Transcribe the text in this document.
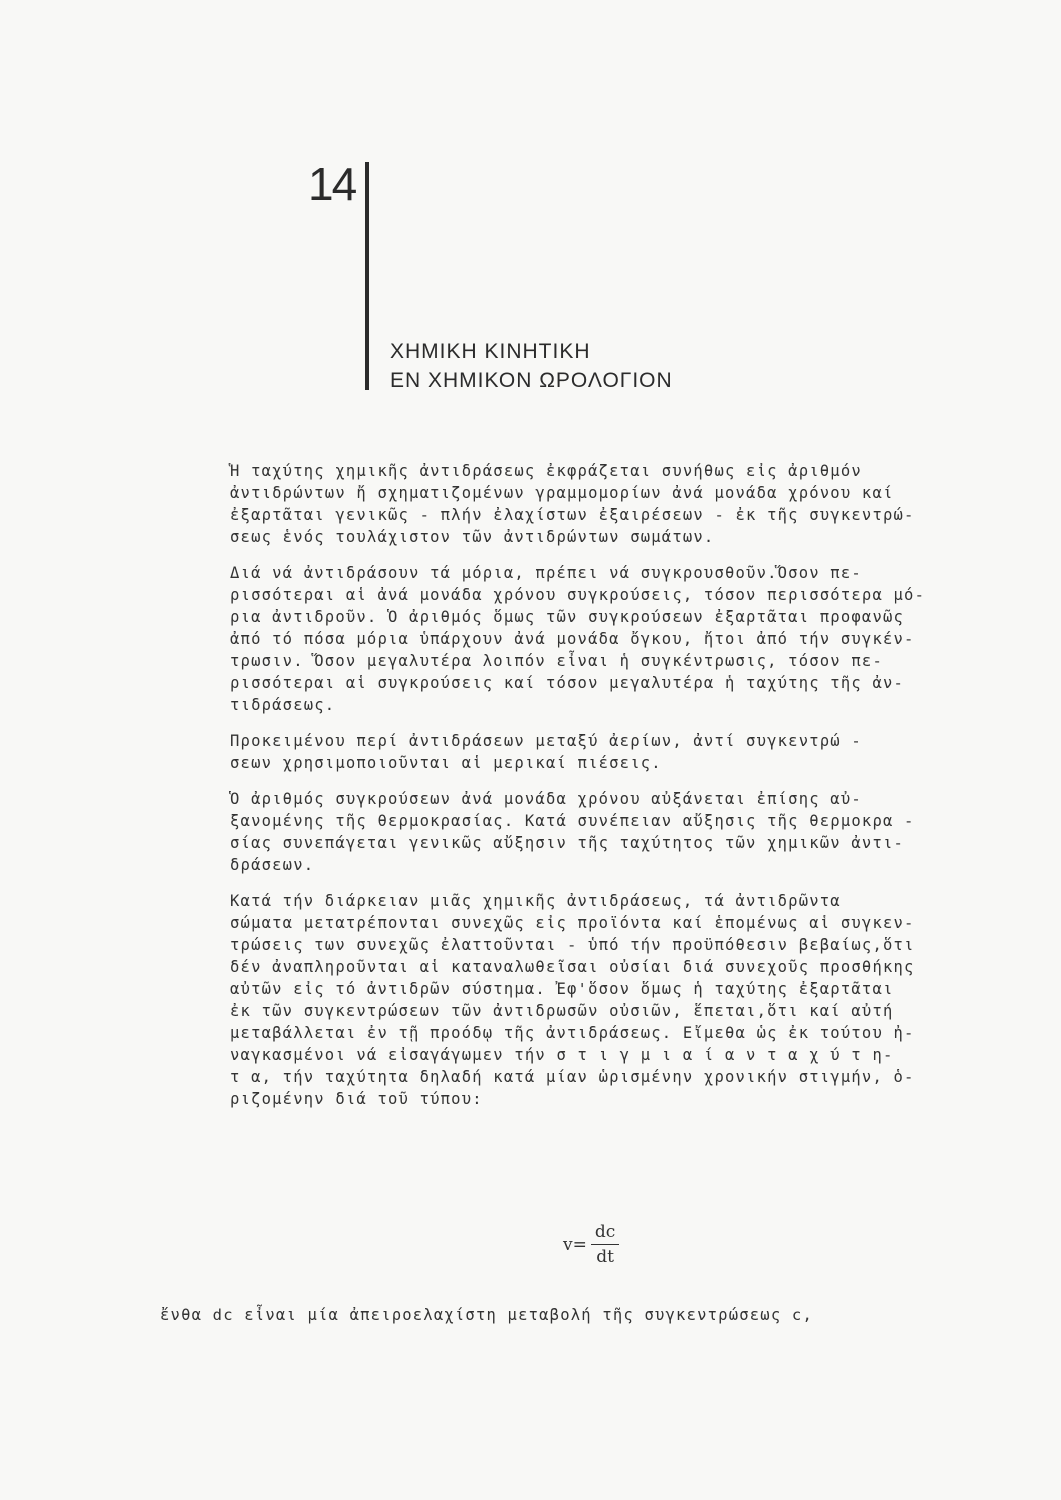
14
ΧΗΜΙΚΗ ΚΙΝΗΤΙΚΗ
ΕΝ ΧΗΜΙΚΟΝ ΩΡΟΛΟΓΙΟΝ

Ἡ ταχύτης χημικῆς ἀντιδράσεως ἐκφράζεται συνήθως εἰς ἀριθμόν
ἀντιδρώντων ἤ σχηματιζομένων γραμμομορίων ἀνά μονάδα χρόνου καί
ἐξαρτᾶται γενικῶς - πλήν ἐλαχίστων ἐξαιρέσεων - ἐκ τῆς συγκεντρώ-
σεως ἑνός τουλάχιστον τῶν ἀντιδρώντων σωμάτων.

Διά νά ἀντιδράσουν τά μόρια, πρέπει νά συγκρουσθοῦν.Ὅσον πε-
ρισσότεραι αἱ ἀνά μονάδα χρόνου συγκρούσεις, τόσον περισσότερα μό-
ρια ἀντιδροῦν. Ὁ ἀριθμός ὅμως τῶν συγκρούσεων ἐξαρτᾶται προφανῶς
ἀπό τό πόσα μόρια ὑπάρχουν ἀνά μονάδα ὄγκου, ἤτοι ἀπό τήν συγκέν-
τρωσιν. Ὅσον μεγαλυτέρα λοιπόν εἶναι ἡ συγκέντρωσις, τόσον πε-
ρισσότεραι αἱ συγκρούσεις καί τόσον μεγαλυτέρα ἡ ταχύτης τῆς ἀν-
τιδράσεως.

Προκειμένου περί ἀντιδράσεων μεταξύ ἀερίων, ἀντί συγκεντρώ -
σεων χρησιμοποιοῦνται αἱ μερικαί πιέσεις.

Ὁ ἀριθμός συγκρούσεων ἀνά μονάδα χρόνου αὐξάνεται ἐπίσης αὐ-
ξανομένης τῆς θερμοκρασίας. Κατά συνέπειαν αὔξησις τῆς θερμοκρα -
σίας συνεπάγεται γενικῶς αὔξησιν τῆς ταχύτητος τῶν χημικῶν ἀντι-
δράσεων.

Κατά τήν διάρκειαν μιᾶς χημικῆς ἀντιδράσεως, τά ἀντιδρῶντα
σώματα μετατρέπονται συνεχῶς εἰς προϊόντα καί ἑπομένως αἱ συγκεν-
τρώσεις των συνεχῶς ἐλαττοῦνται - ὑπό τήν προϋπόθεσιν βεβαίως,ὅτι
δέν ἀναπληροῦνται αἱ καταναλωθεῖσαι οὐσίαι διά συνεχοῦς προσθήκης
αὐτῶν εἰς τό ἀντιδρῶν σύστημα. Ἐφ'ὅσον ὅμως ἡ ταχύτης ἐξαρτᾶται
ἐκ τῶν συγκεντρώσεων τῶν ἀντιδρωσῶν οὐσιῶν, ἕπεται,ὅτι καί αὐτή
μεταβάλλεται ἐν τῇ προόδῳ τῆς ἀντιδράσεως. Εἴμεθα ὡς ἐκ τούτου ἠ-
ναγκασμένοι νά εἰσαγάγωμεν τήν σ τ ι γ μ ι α ί α ν τ α χ ύ τ η-
τ α, τήν ταχύτητα δηλαδή κατά μίαν ὡρισμένην χρονικήν στιγμήν, ὁ-
ριζομένην διά τοῦ τύπου:

$v= \frac{dc}{dt}$
ἔνθα dc εἶναι μία ἀπειροελαχίστη μεταβολή τῆς συγκεντρώσεως c,
